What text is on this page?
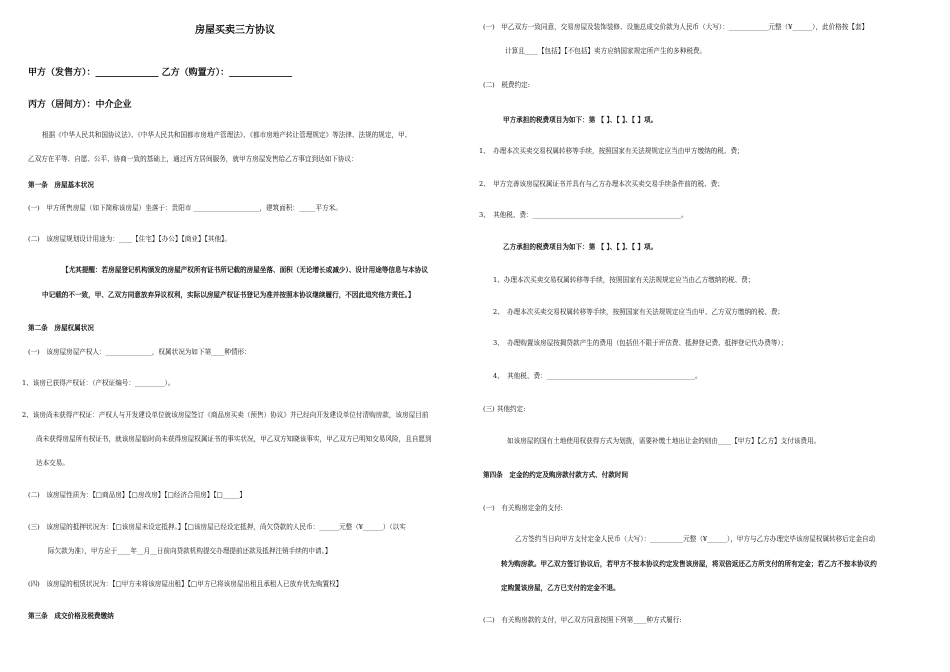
房屋买卖三方协议
甲方（发售方）：______________ 乙方（购置方）：______________
丙方（居间方）：中介企业
根据《中华人民共和国协议法》、《中华人民共和国都市房地产管理法》、《都市房地产转让管理规定》等法律、法规的规定，甲、
乙双方在平等、自愿、公平、协商一致的基础上，通过丙方居间服务，就甲方房屋发售给乙方事宜到达如下协议：
第一条　房屋基本状况
(一)　甲方所售房屋（如下简称该房屋）坐落于：贵阳市 ____________________，建筑面积：_____平方米。
(二)　该房屋规划设计用途为：____【住宅】【办公】【商业】【其他】。
【尤其提醒：若房屋登记机构颁发的房屋产权所有证书所记载的房屋坐落、面积（无论增长或减少）、设计用途等信息与本协议
中记载的不一致，甲、乙双方同意放弃异议权利，实际以房屋产权证书登记为准并按照本协议继续履行，不因此追究他方责任。】
第二条　房屋权属状况
(一)　该房屋房屋产权人：______________，权属状况为如下第____种情形：
1、该房已获得产权证：（产权证编号：_________）。
2、该房尚未获得产权证：产权人与开发建设单位就该房屋签订《商品房买卖（预售）协议》并已经向开发建设单位付清购房款，该房屋目前
尚未获得房屋所有权证书，就该房屋临时尚未获得房屋权属证书的事实状况，甲乙双方知晓该事实，甲乙双方已明知交易风险，且自愿到
达本交易。
(二)　该房屋性质为：【□商品房】【□房改房】【□经济合用房】【□_____】
(三)　该房屋的抵押状况为：【□该房屋未设定抵押。】【□该房屋已经设定抵押，尚欠贷款的人民币：______元整（¥______）（以实
际欠款为准），甲方应于____年__月__日前向贷款机构提交办理提前还款及抵押注销手续的申请。】
(四)　该房屋的租赁状况为：【□甲方未将该房屋出租】【□甲方已将该房屋出租且承租人已放弃优先购置权】
第三条　成交价格及税费缴纳
(一)　甲乙双方一致同意，交易房屋及装饰装修、设施总成交价款为人民币（大写）：____________元整（¥______），此价格按【套】
计算且____【包括】【不包括】卖方应纳国家规定所产生的多种税费。
(二)　税费约定:
甲方承担的税费项目为如下：第 【 】、【 】、【 】项。
1、　办理本次买卖交易权属转移等手续，按照国家有关法规规定应当由甲方缴纳的税、费；
2、　甲方完善该房屋权属证书并具有与乙方办理本次买卖交易手续条件前的税、费；
3、　其他税、费：_____________________________________________。
乙方承担的税费项目为如下：第 【 】、【 】、【 】项。
1、办理本次买卖交易权属转移等手续，按照国家有关法规规定应当由乙方缴纳的税、费；
2、　办理本次买卖交易权属转移等手续，按照国家有关法规规定应当由甲、乙方双方缴纳的税、费；
3、　办理购置该房屋按揭贷款产生的费用（包括但不限于评估费、抵押登记费、抵押登记代办费等）；
4、　其他税、费：_____________________________________________。
(三) 其他约定:
如该房屋的国有土地使用权获得方式为划拨，需要补缴土地出让金的则由____【甲方】【乙方】支付该费用。
第四条　定金的约定及购房款付款方式、付款时间
(一)　有关购房定金的支付:
乙方签约当日向甲方支付定金人民币（大写）：__________元整（¥______），甲方与乙方办理完毕该房屋权属转移后定金自动
转为购房款。甲乙双方签订协议后，若甲方不按本协议约定发售该房屋，将双倍返还乙方所支付的所有定金；若乙方不按本协议约
定购置该房屋，乙方已支付的定金不退。
(二)　有关购房款的支付，甲乙双方同意按照下列第____种方式履行:
